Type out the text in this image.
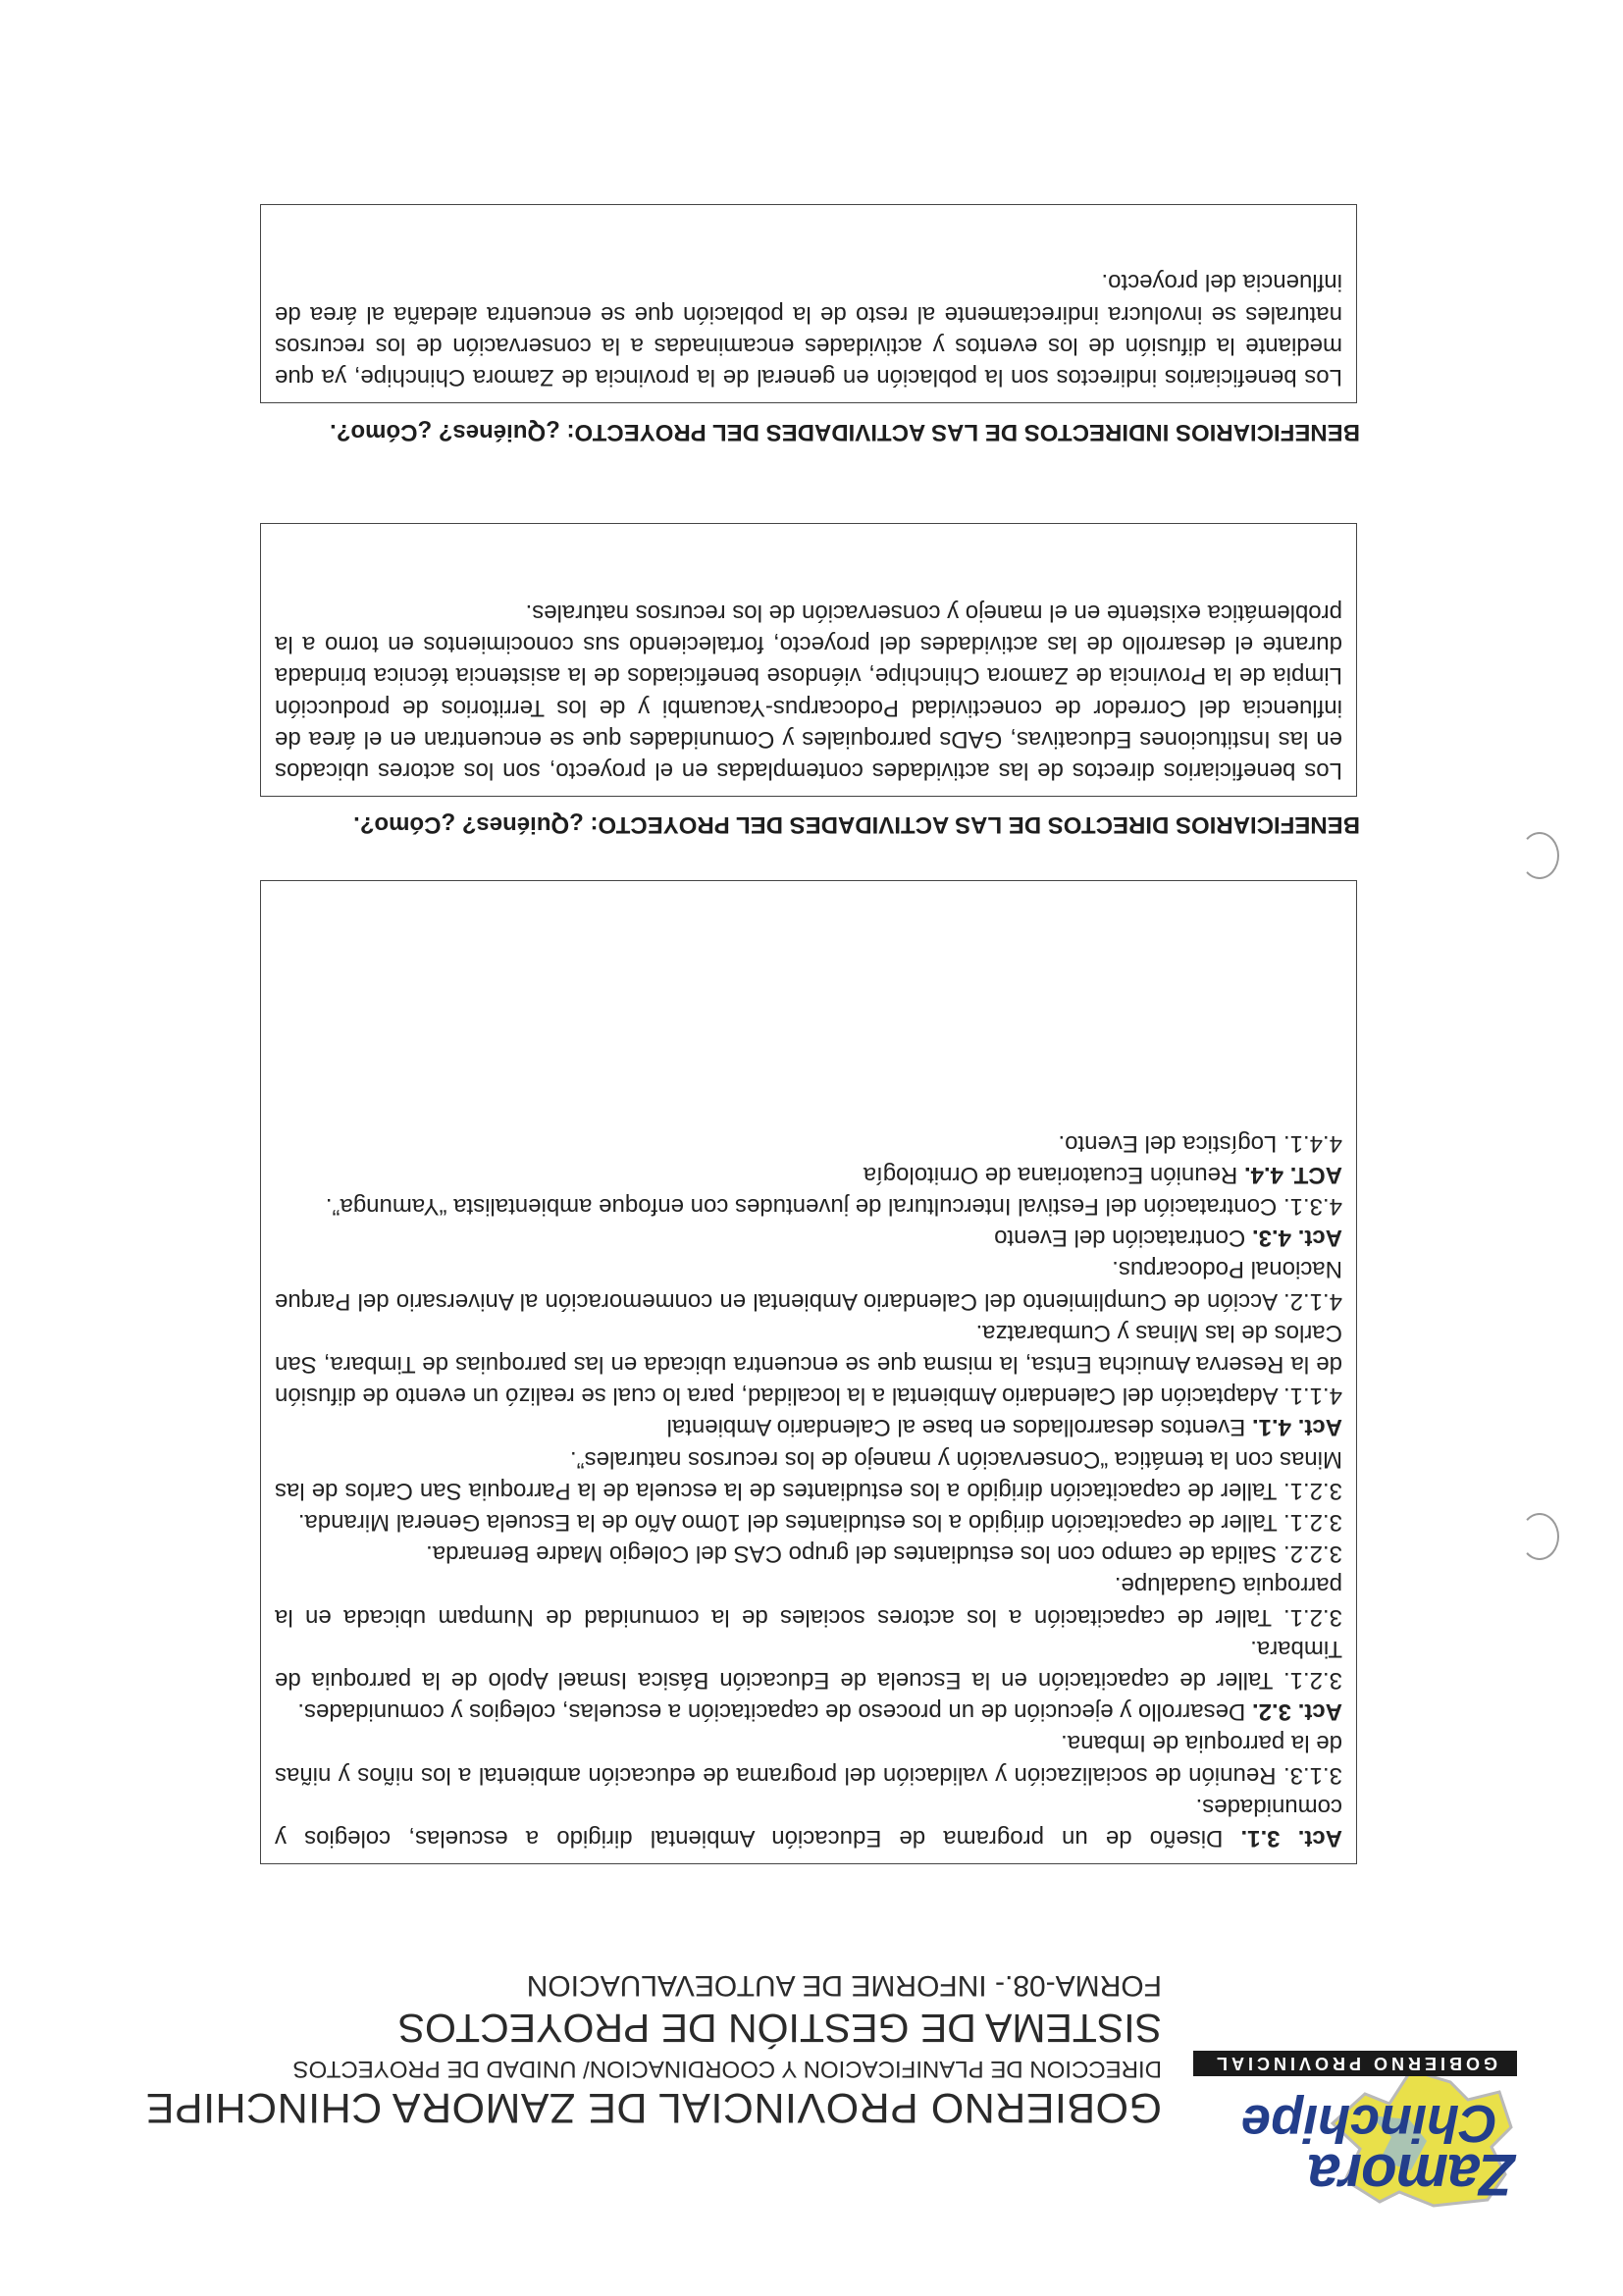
Zamora
Chinchipe
GOBIERNO PROVINCIAL
GOBIERNO PROVINCIAL DE ZAMORA CHINCHIPE
DIRECCION DE PLANIFICACION Y COORDINACION/ UNIDAD DE PROYECTOS
SISTEMA DE GESTIÓN DE PROYECTOS
FORMA-08.- INFORME DE AUTOEVALUACION

Act. 3.1. Diseño de un programa de Educación Ambiental dirigido a escuelas, colegios y comunidades.

3.1.3. Reunión de socialización y validación del programa de educación ambiental a los niños y niñas de la parroquia de Imbana.

Act. 3.2. Desarrollo y ejecución de un proceso de capacitación a escuelas, colegios y comunidades.

3.2.1. Taller de capacitación en la Escuela de Educación Básica Ismael Apolo de la parroquia de Timbara.

3.2.1. Taller de capacitación a los actores sociales de la comunidad de Numpam ubicada en la parroquia Guadalupe.

3.2.2. Salida de campo con los estudiantes del grupo CAS del Colegio Madre Bernarda.

3.2.1. Taller de capacitación dirigido a los estudiantes del 10mo Año de la Escuela General Miranda.

3.2.1. Taller de capacitación dirigido a los estudiantes de la escuela de la Parroquia San Carlos de las Minas con la temática “Conservación y manejo de los recursos naturales”.

Act. 4.1. Eventos desarrollados en base al Calendario Ambiental

4.1.1. Adaptación del Calendario Ambiental a la localidad, para lo cual se realizó un evento de difusión de la Reserva Amuicha Entsa, la misma que se encuentra ubicada en las parroquias de Timbara, San Carlos de las Minas y Cumbaratza.

4.1.2. Acción de Cumplimiento del Calendario Ambiental en conmemoración al Aniversario del Parque Nacional Podocarpus.

Act. 4.3. Contratación del Evento

4.3.1. Contratación del Festival Intercultural de juventudes con enfoque ambientalista “Yamunga”.

ACT. 4.4. Reunión Ecuatoriana de Ornitología

4.4.1. Logística del Evento.

BENEFICIARIOS DIRECTOS DE LAS ACTIVIDADES DEL PROYECTO: ¿Quiénes? ¿Cómo?.

Los beneficiarios directos de las actividades contempladas en el proyecto, son los actores ubicados en las Instituciones Educativas, GADs parroquiales y Comunidades que se encuentran en el área de influencia del Corredor de conectividad Podocarpus-Yacuambi y de los Territorios de producción Limpia de la Provincia de Zamora Chinchipe, viéndose beneficiados de la asistencia técnica brindada durante el desarrollo de las actividades del proyecto, fortaleciendo sus conocimientos en torno a la problemática existente en el manejo y conservación de los recursos naturales.

BENEFICIARIOS INDIRECTOS DE LAS ACTIVIDADES DEL PROYECTO: ¿Quiénes? ¿Cómo?.

Los beneficiarios indirectos son la población en general de la provincia de Zamora Chinchipe, ya que mediante la difusión de los eventos y actividades encaminadas a la conservación de los recursos naturales se involucra indirectamente al resto de la población que se encuentra aledaña al área de influencia del proyecto.
